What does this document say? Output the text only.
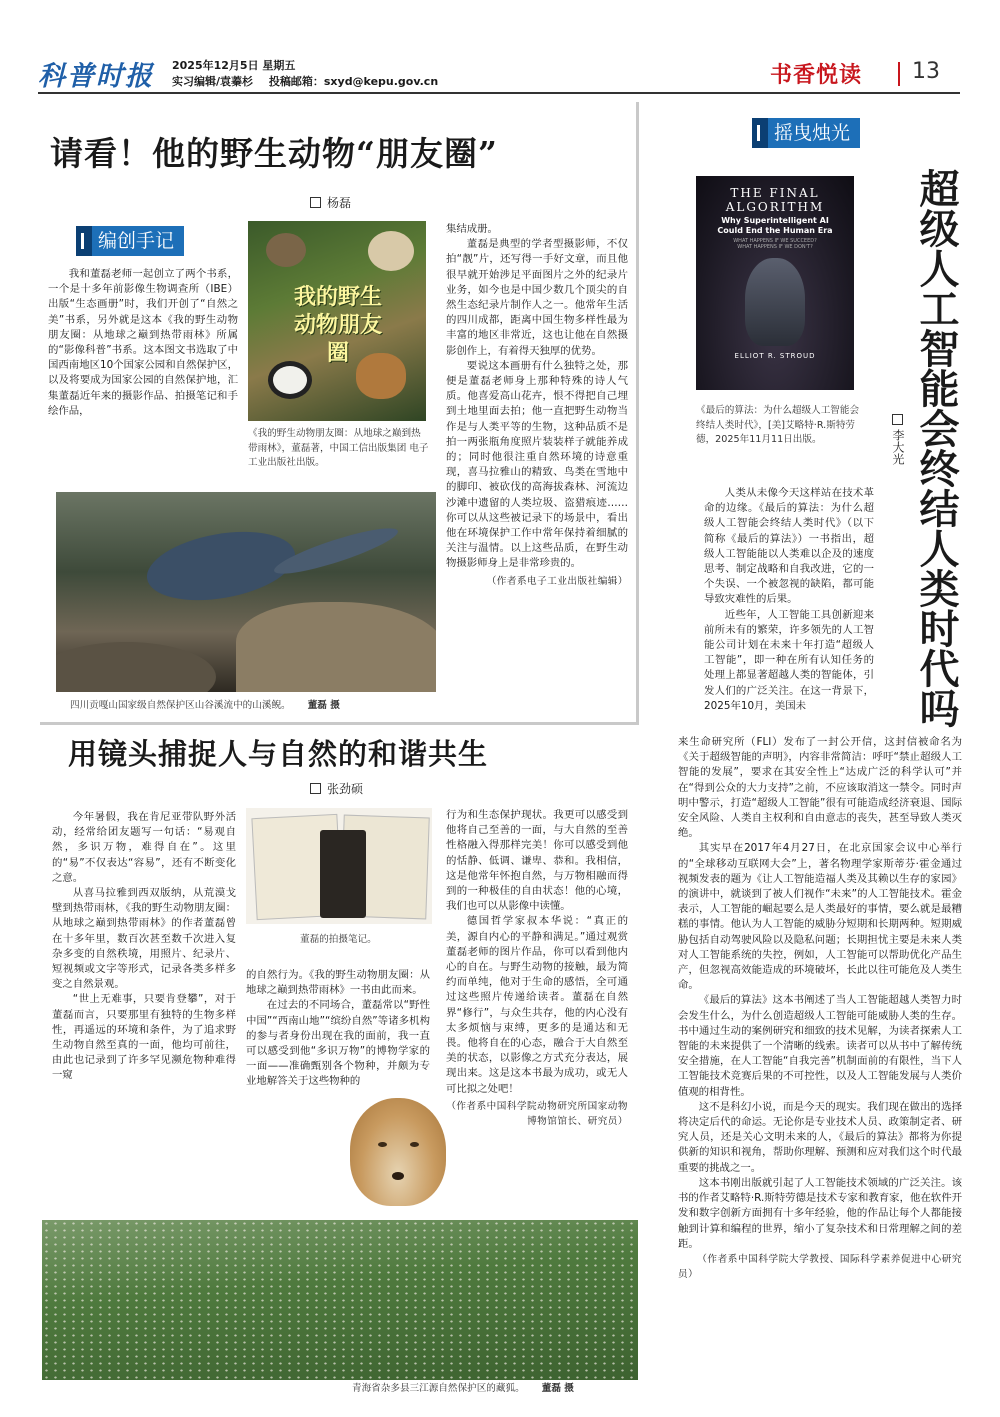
科普时报 2025年12月5日 星期五
实习编辑/袁蓁杉 投稿邮箱：sxyd@kepu.gov.cn	书香悦读 13
请看！他的野生动物“朋友圈”
杨磊
编创手记

我和董磊老师一起创立了两个书系，一个是十多年前影像生物调查所（IBE）出版“生态画册”时，我们开创了“自然之美”书系，另外就是这本《我的野生动物朋友圈：从地球之巅到热带雨林》所属的“影像科普”书系。这本图文书选取了中国西南地区10个国家公园和自然保护区，以及将要成为国家公园的自然保护地，汇集董磊近年来的摄影作品、拍摄笔记和手绘作品，

我的野生动物朋友圈
《我的野生动物朋友圈：从地球之巅到热带雨林》，董磊著，中国工信出版集团 电子工业出版社出版。
集结成册。

董磊是典型的学者型摄影师，不仅拍“靓”片，还写得一手好文章，而且他很早就开始涉足平面图片之外的纪录片业务，如今也是中国少数几个顶尖的自然生态纪录片制作人之一。他常年生活的四川成都，距离中国生物多样性最为丰富的地区非常近，这也让他在自然摄影创作上，有着得天独厚的优势。

要说这本画册有什么独特之处，那便是董磊老师身上那种特殊的诗人气质。他喜爱高山花卉，恨不得把自己埋到土地里面去拍；他一直把野生动物当作是与人类平等的生物，这种品质不是拍一两张瓶角度照片装装样子就能养成的；同时他很注重自然环境的诗意重现，喜马拉雅山的精致、鸟类在雪地中的脚印、被砍伐的高海拔森林、河流边沙滩中遗留的人类垃圾、盗猎痕迹……你可以从这些被记录下的场景中，看出他在环境保护工作中常年保持着细腻的关注与温情。以上这些品质，在野生动物摄影师身上是非常珍贵的。

（作者系电子工业出版社编辑）
四川贡嘎山国家级自然保护区山谷溪流中的山溪鲵。 董磊 摄
用镜头捕捉人与自然的和谐共生
张劲硕

今年暑假，我在肯尼亚带队野外活动，经常给团友题写一句话：“易观自然，多识万物，难得自在”。这里的“易”不仅表达“容易”，还有不断变化之意。

从喜马拉雅到西双版纳，从荒漠戈壁到热带雨林，《我的野生动物朋友圈：从地球之巅到热带雨林》的作者董磊曾在十多年里，数百次甚至数千次进入复杂多变的自然秩境，用照片、纪录片、短视频或文字等形式，记录各类多样多变之自然景观。

“世上无难事，只要肯登攀”，对于董磊而言，只要那里有独特的生物多样性，再遥远的环境和条件，为了追求野生动物自然至真的一面，他均可前往，由此也记录到了许多罕见濒危物种难得一窥

董磊的拍摄笔记。
的自然行为。《我的野生动物朋友圈：从地球之巅到热带雨林》一书由此而来。

在过去的不同场合，董磊常以“野性中国”“西南山地”“缤纷自然”等诸多机构的参与者身份出现在我的面前，我一直可以感受到他“多识万物”的博物学家的一面——准确甄别各个物种，并颇为专业地解答关于这些物种的

行为和生态保护现状。我更可以感受到他将自己至善的一面，与大自然的至善性格融入得那样完美！你可以感受到他的恬静、低调、谦卑、恭和。我相信，这是他常年怀抱自然，与万物相融而得到的一种极佳的自由状态！他的心境，我们也可以从影像中读懂。

德国哲学家叔本华说：“真正的美，源自内心的平静和满足。”通过观赏董磊老师的图片作品，你可以看到他内心的自在。与野生动物的接触，最为简约而单纯，他对于生命的感悟，全可通过这些照片传递给读者。董磊在自然界“修行”，与众生共存，他的内心没有太多烦恼与束缚，更多的是通达和无畏。他将自在的心态，融合于大自然至美的状态，以影像之方式充分表达，展现出来。这是这本书最为成功，或无人可比拟之处吧！

（作者系中国科学院动物研究所国家动物博物馆馆长、研究员）
青海省杂多县三江源自然保护区的藏狐。 董磊 摄
摇曳烛光
THE FINAL
ALGORITHM
Why Superintelligent AI Could End the Human Era
WHAT HAPPENS IF WE SUCCEED?
WHAT HAPPENS IF WE DON'T?
ELLIOT R. STROUD
《最后的算法：为什么超级人工智能会终结人类时代》，[美]艾略特·R.斯特劳德，2025年11月11日出版。	超级人工智能会终结人类时代吗
李大光

人类从未像今天这样站在技术革命的边缘。《最后的算法：为什么超级人工智能会终结人类时代》（以下简称《最后的算法》）一书指出，超级人工智能能以人类难以企及的速度思考、制定战略和自我改进，它的一个失误、一个被忽视的缺陷，都可能导致灾难性的后果。

近些年，人工智能工具创新迎来前所未有的繁荣，许多领先的人工智能公司计划在未来十年打造“超级人工智能”，即一种在所有认知任务的处理上都显著超越人类的智能体，引发人们的广泛关注。在这一背景下，2025年10月，美国未

来生命研究所（FLI）发布了一封公开信，这封信被命名为《关于超级智能的声明》，内容非常简洁：呼吁“禁止超级人工智能的发展”，要求在其安全性上“达成广泛的科学认可”并在“得到公众的大力支持”之前，不应该取消这一禁令。同时声明中警示，打造“超级人工智能”很有可能造成经济衰退、国际安全风险、人类自主权利和自由意志的丧失，甚至导致人类灭绝。

其实早在2017年4月27日，在北京国家会议中心举行的“全球移动互联网大会”上，著名物理学家斯蒂芬·霍金通过视频发表的题为《让人工智能造福人类及其赖以生存的家园》的演讲中，就谈到了被人们视作“未来”的人工智能技术。霍金表示，人工智能的崛起要么是人类最好的事情，要么就是最糟糕的事情。他认为人工智能的威胁分短期和长期两种。短期威胁包括自动驾驶风险以及隐私问题；长期担忧主要是未来人类对人工智能系统的失控，例如，人工智能可以帮助优化产品生产，但忽视高效能造成的环境破坏，长此以往可能危及人类生命。

《最后的算法》这本书阐述了当人工智能超越人类智力时会发生什么，为什么创造超级人工智能可能威胁人类的生存。书中通过生动的案例研究和细致的技术见解，为读者探索人工智能的未来提供了一个清晰的线索。读者可以从书中了解传统安全措施，在人工智能“自我完善”机制面前的有限性，当下人工智能技术竞赛后果的不可控性，以及人工智能发展与人类价值观的相背性。

这不是科幻小说，而是今天的现实。我们现在做出的选择将决定后代的命运。无论你是专业技术人员、政策制定者、研究人员，还是关心文明未来的人，《最后的算法》都将为你提供新的知识和视角，帮助你理解、预测和应对我们这个时代最重要的挑战之一。

这本书刚出版就引起了人工智能技术领域的广泛关注。该书的作者艾略特·R.斯特劳德是技术专家和教育家，他在软件开发和数字创新方面拥有十多年经验，他的作品让每个人都能接触到计算和编程的世界，缩小了复杂技术和日常理解之间的差距。

（作者系中国科学院大学教授、国际科学素养促进中心研究员）
